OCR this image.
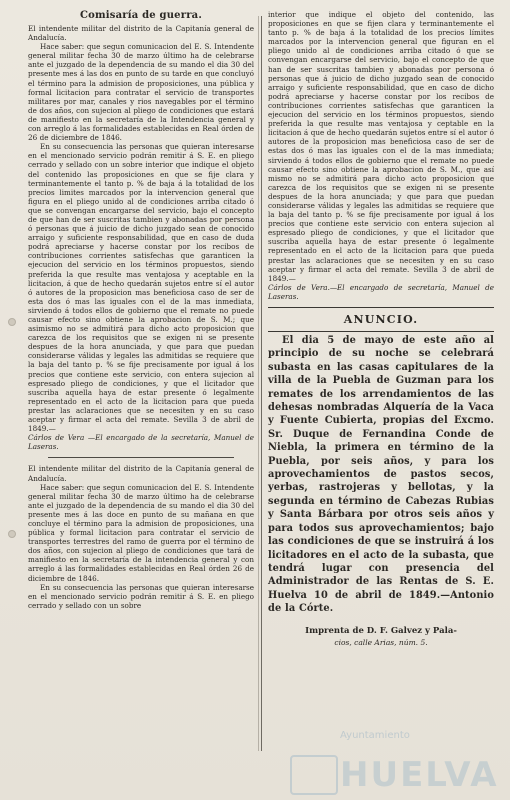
Comisaría de guerra.

El intendente militar del distrito de la Capitanía general de Andalucía.

Hace saber: que segun comunicacion del E. S. Intendente general militar fecha 30 de marzo último ha de celebrarse ante el juzgado de la dependencia de su mando el dia 30 del presente mes á las dos en punto de su tarde en que concluyó el término para la admision de proposiciones, una pública y formal licitacion para contratar el servicio de transportes militares por mar, canales y rios navegables por el término de dos años, con sujecion al pliego de condiciones que estará de manifiesto en la secretaría de la Intendencia general y con arreglo á las formalidades establecidas en Real órden de 26 de diciembre de 1846.

En su consecuencia las personas que quieran interesarse en el mencionado servicio podrán remitir á S. E. en pliego cerrado y sellado con un sobre interior que indique el objeto del contenido las proposiciones en que se fije clara y terminantemente el tanto p. % de baja á la totalidad de los precios limites marcados por la intervencion general que figura en el pliego unido al de condiciones arriba citado ó que se convengan encargarse del servicio, bajo el concepto de que han de ser suscritas tambien y abonadas por persona ó personas que á juicio de dicho juzgado sean de conocido arraigo y suficiente responsabilidad, que en caso de duda podrá apreciarse y hacerse constar por los recibos de contribuciones corrientes satisfechas que garanticen la ejecucion del servicio en los términos propuestos, siendo preferida la que resulte mas ventajosa y aceptable en la licitacion, á que de hecho quedarán sujetos entre sí el autor ó autores de la proposicion mas beneficiosa caso de ser de esta dos ó mas las iguales con el de la mas inmediata, sirviendo á todos ellos de gobierno que el remate no puede causar efecto sino obtiene la aprobacion de S. M.; que asimismo no se admitirá para dicho acto proposicion que carezca de los requisitos que se exigen ni se presente despues de la hora anunciada, y que para que puedan considerarse válidas y legales las admitidas se requiere que la baja del tanto p. % se fije precisamente por igual á los precios que contiene este servicio, con entera sujecion al espresado pliego de condiciones, y que el licitador que suscriba aquella haya de estar presente ó legalmente representado en el acto de la licitacion para que pueda prestar las aclaraciones que se necesiten y en su caso aceptar y firmar el acta del remate. Sevilla 3 de abril de 1849.—

Cárlos de Vera —El encargado de la secretaría, Manuel de Laseras.

El intendente militar del distrito de la Capitanía general de Andalucía.

Hace saber: que segun comunicacion del E. S. Intendente general militar fecha 30 de marzo último ha de celebrarse ante el juzgado de la dependencia de su mando el dia 30 del presente mes á las doce en punto de su mañana en que concluye el término para la admision de proposiciones, una pública y formal licitacion para contratar el servicio de transportes terrestres del ramo de guerra por el término de dos años, con sujecion al pliego de condiciones que tará de manifiesto en la secretaría de la intendencia general y con arreglo á las formalidades establecidas en Real órden 26 de diciembre de 1846.

En su consecuencia las personas que quieran interesarse en el mencionado servicio podrán remitir á S. E. en pliego cerrado y sellado con un sobre

interior que indique el objeto del contenido, las proposiciones en que se fijen clara y terminantemente el tanto p. % de baja á la totalidad de los precios límites marcados por la intervencion general que figuran en el pliego unido al de condiciones arriba citado ó que se convengan encargarse del servicio, bajo el concepto de que han de ser suscritas tambien y abonadas por persona ó personas que á juicio de dicho juzgado sean de conocido arraigo y suficiente responsabilidad, que en caso de dicho podrá apreciarse y hacerse constar por los recibos de contribuciones corrientes satisfechas que garanticen la ejecucion del servicio en los términos propuestos, siendo preferida la que resulte mas ventajosa y ceptable en la licitacion á que de hecho quedarán sujetos entre sí el autor ó autores de la proposicion mas beneficiosa caso de ser de estas dos ó mas las iguales con el de la mas inmediata; sirviendo á todos ellos de gobierno que el remate no puede causar efecto sino obtiene la aprobacion de S. M., que así mismo no se admitirá para dicho acto proposicion que carezca de los requisitos que se exigen ni se presente despues de la hora anunciada; y que para que puedan considerarse válidas y legales las admitidas se requiere que la baja del tanto p. % se fije precisamente por igual á los precios que contiene este servicio con entera sujecion al espresado pliego de condiciones, y que el licitador que suscriba aquella haya de estar presente ó legalmente representado en el acto de la licitacion para que pueda prestar las aclaraciones que se necesiten y en su caso aceptar y firmar el acta del remate. Sevilla 3 de abril de 1849.—

Cárlos de Vera.—El encargado de secretaría, Manuel de Laseras.

ANUNCIO.

El dia 5 de mayo de este año al principio de su noche se celebrará subasta en las casas capitulares de la villa de la Puebla de Guzman para los remates de los arrendamientos de las dehesas nombradas Alquería de la Vaca y Fuente Cubierta, propias del Excmo. Sr. Duque de Fernandina Conde de Niebla, la primera en término de la Puebla, por seis años, y para los aprovechamientos de pastos secos, yerbas, rastrojeras y bellotas, y la segunda en término de Cabezas Rubias y Santa Bárbara por otros seis años y para todos sus aprovechamientos; bajo las condiciones de que se instruirá á los licitadores en el acto de la subasta, que tendrá lugar con presencia del Administrador de las Rentas de S. E. Huelva 10 de abril de 1849.—Antonio de la Córte.

Imprenta de D. F. Galvez y Pala-
cios, calle Arias, núm. 5.
Ayuntamiento
HUELVA
